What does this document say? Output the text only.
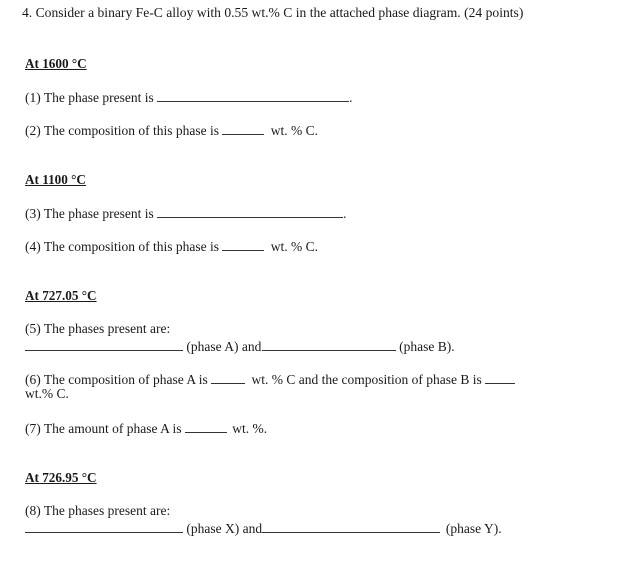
4. Consider a binary Fe-C alloy with 0.55 wt.% C in the attached phase diagram. (24 points)
At 1600 °C
(1) The phase present is	.
(2) The composition of this phase is	wt. % C.
At 1100 °C
(3) The phase present is	.
(4) The composition of this phase is	wt. % C.
At 727.05 °C
(5) The phases present are:
(phase A) and	(phase B).
(6) The composition of phase A is	wt. % C and the composition of phase B is
wt.% C.
(7) The amount of phase A is	wt. %.
At 726.95 °C
(8) The phases present are:
(phase X) and	(phase Y).
